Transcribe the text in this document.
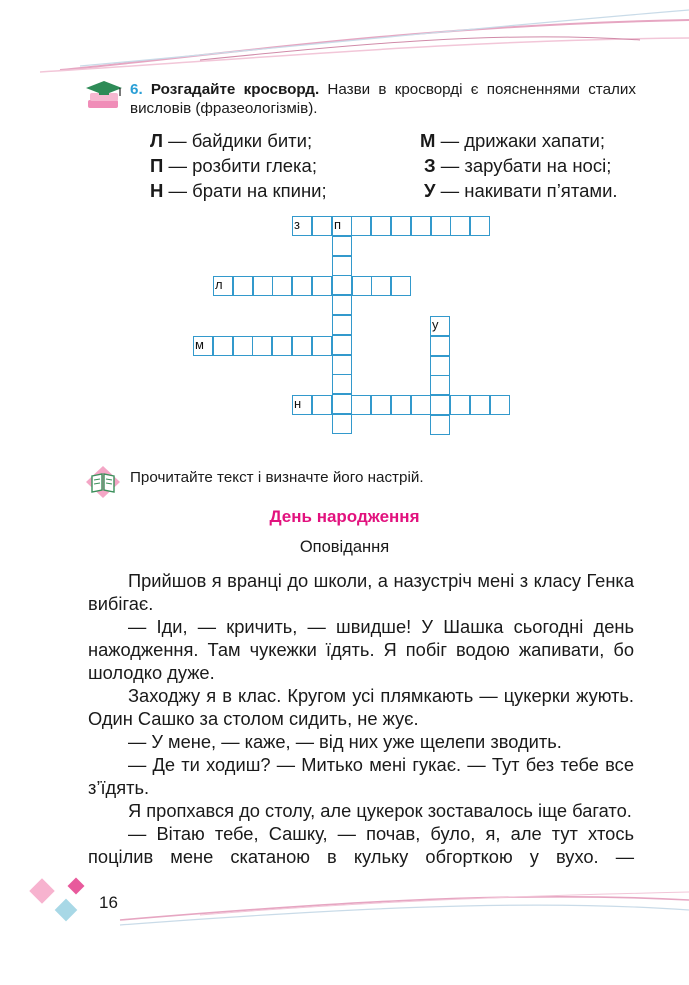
6. Розгадайте кросворд. Назви в кросворді є поясненнями сталих висловів (фразеологізмів).
Л — байдики бити;	М — дрижаки хапати;
П — розбити глека;	З — зарубати на носі;
Н — брати на кпини;	У — накивати п’ятами.
з	п
л
у
м
н
Прочитайте текст і визначте його настрій.
День народження
Оповідання

Прийшов я вранці до школи, а назустріч мені з класу Генка вибігає.

— Іди, — кричить, — швидше! У Шашка сьогодні день нажодження. Там чукежки їдять. Я побіг водою жапивати, бо шолодко дуже.

Заходжу я в клас. Кругом усі плямкають — цукерки жують. Один Сашко за столом сидить, не жує.

— У мене, — каже, — від них уже щелепи зводить.

— Де ти ходиш? — Митько мені гукає. — Тут без тебе все з’їдять.

Я пропхався до столу, але цукерок зоставалось іще багато.

— Вітаю тебе, Сашку, — почав, було, я, але тут хтось поцілив мене скатаною в кульку обгорткою у вухо. —

16
